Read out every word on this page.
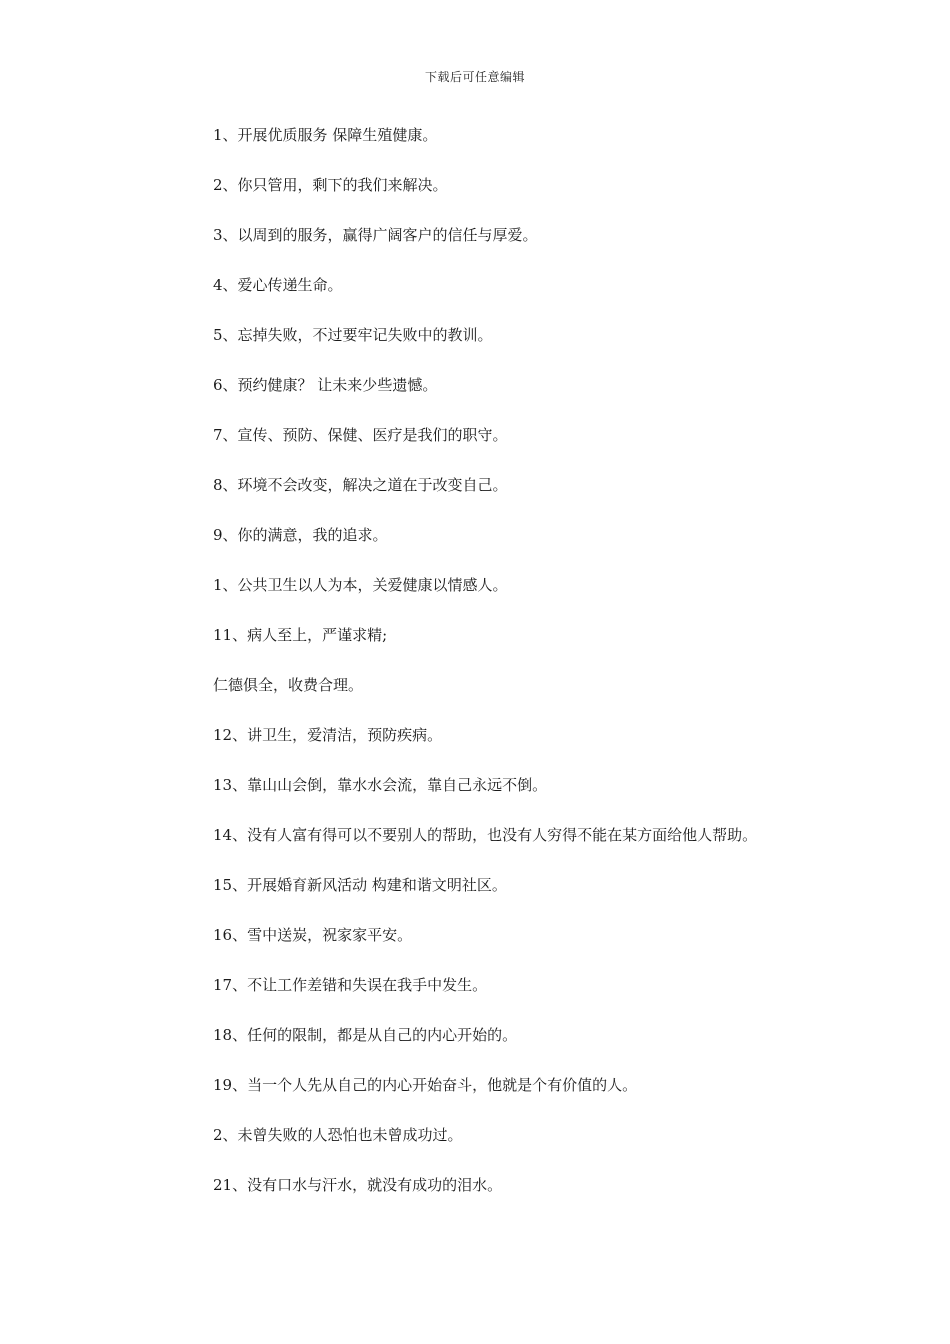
下载后可任意编辑

1、开展优质服务 保障生殖健康。

2、你只管用，剩下的我们来解决。

3、以周到的服务，赢得广阔客户的信任与厚爱。

4、爱心传递生命。

5、忘掉失败，不过要牢记失败中的教训。

6、预约健康？ 让未来少些遗憾。

7、宣传、预防、保健、医疗是我们的职守。

8、环境不会改变，解决之道在于改变自己。

9、你的满意，我的追求。

1、公共卫生以人为本，关爱健康以情感人。

11、病人至上，严谨求精;

仁德俱全，收费合理。

12、讲卫生，爱清洁，预防疾病。

13、靠山山会倒，靠水水会流，靠自己永远不倒。

14、没有人富有得可以不要别人的帮助，也没有人穷得不能在某方面给他人帮助。

15、开展婚育新风活动 构建和谐文明社区。

16、雪中送炭，祝家家平安。

17、不让工作差错和失误在我手中发生。

18、任何的限制，都是从自己的内心开始的。

19、当一个人先从自己的内心开始奋斗，他就是个有价值的人。

2、未曾失败的人恐怕也未曾成功过。

21、没有口水与汗水，就没有成功的泪水。
